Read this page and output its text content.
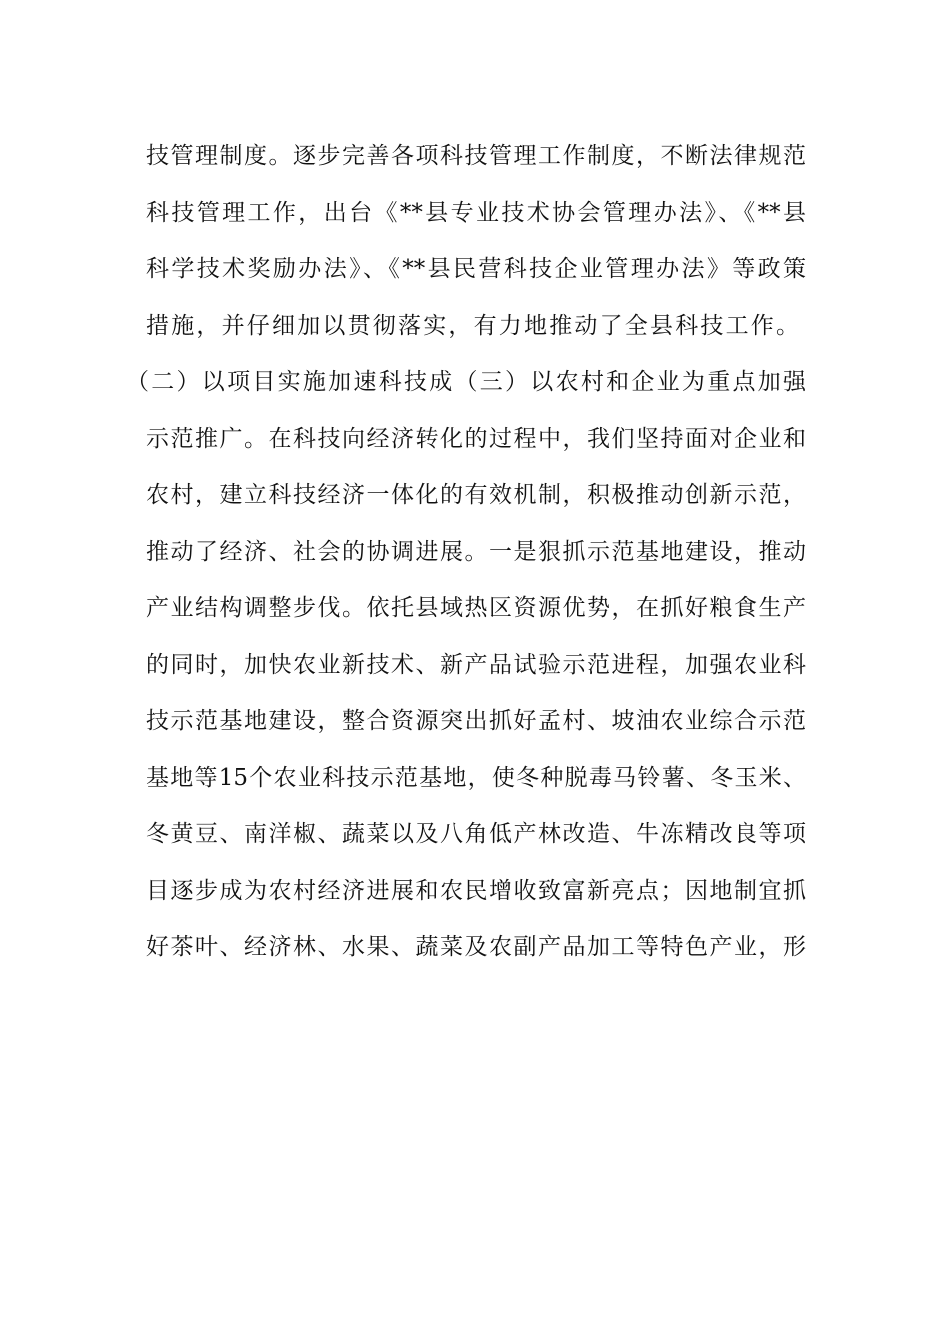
技管理制度。逐步完善各项科技管理工作制度，不断法律规范
科技管理工作，出台《**县专业技术协会管理办法》、《**县
科学技术奖励办法》、《**县民营科技企业管理办法》等政策
措施，并仔细加以贯彻落实，有力地推动了全县科技工作。
（二）以项目实施加速科技成（三）以农村和企业为重点加强
示范推广。在科技向经济转化的过程中，我们坚持面对企业和
农村，建立科技经济一体化的有效机制，积极推动创新示范，
推动了经济、社会的协调进展。一是狠抓示范基地建设，推动
产业结构调整步伐。依托县域热区资源优势，在抓好粮食生产
的同时，加快农业新技术、新产品试验示范进程，加强农业科
技示范基地建设，整合资源突出抓好孟村、坡油农业综合示范
基地等15个农业科技示范基地，使冬种脱毒马铃薯、冬玉米、
冬黄豆、南洋椒、蔬菜以及八角低产林改造、牛冻精改良等项
目逐步成为农村经济进展和农民增收致富新亮点；因地制宜抓
好茶叶、经济林、水果、蔬菜及农副产品加工等特色产业，形
